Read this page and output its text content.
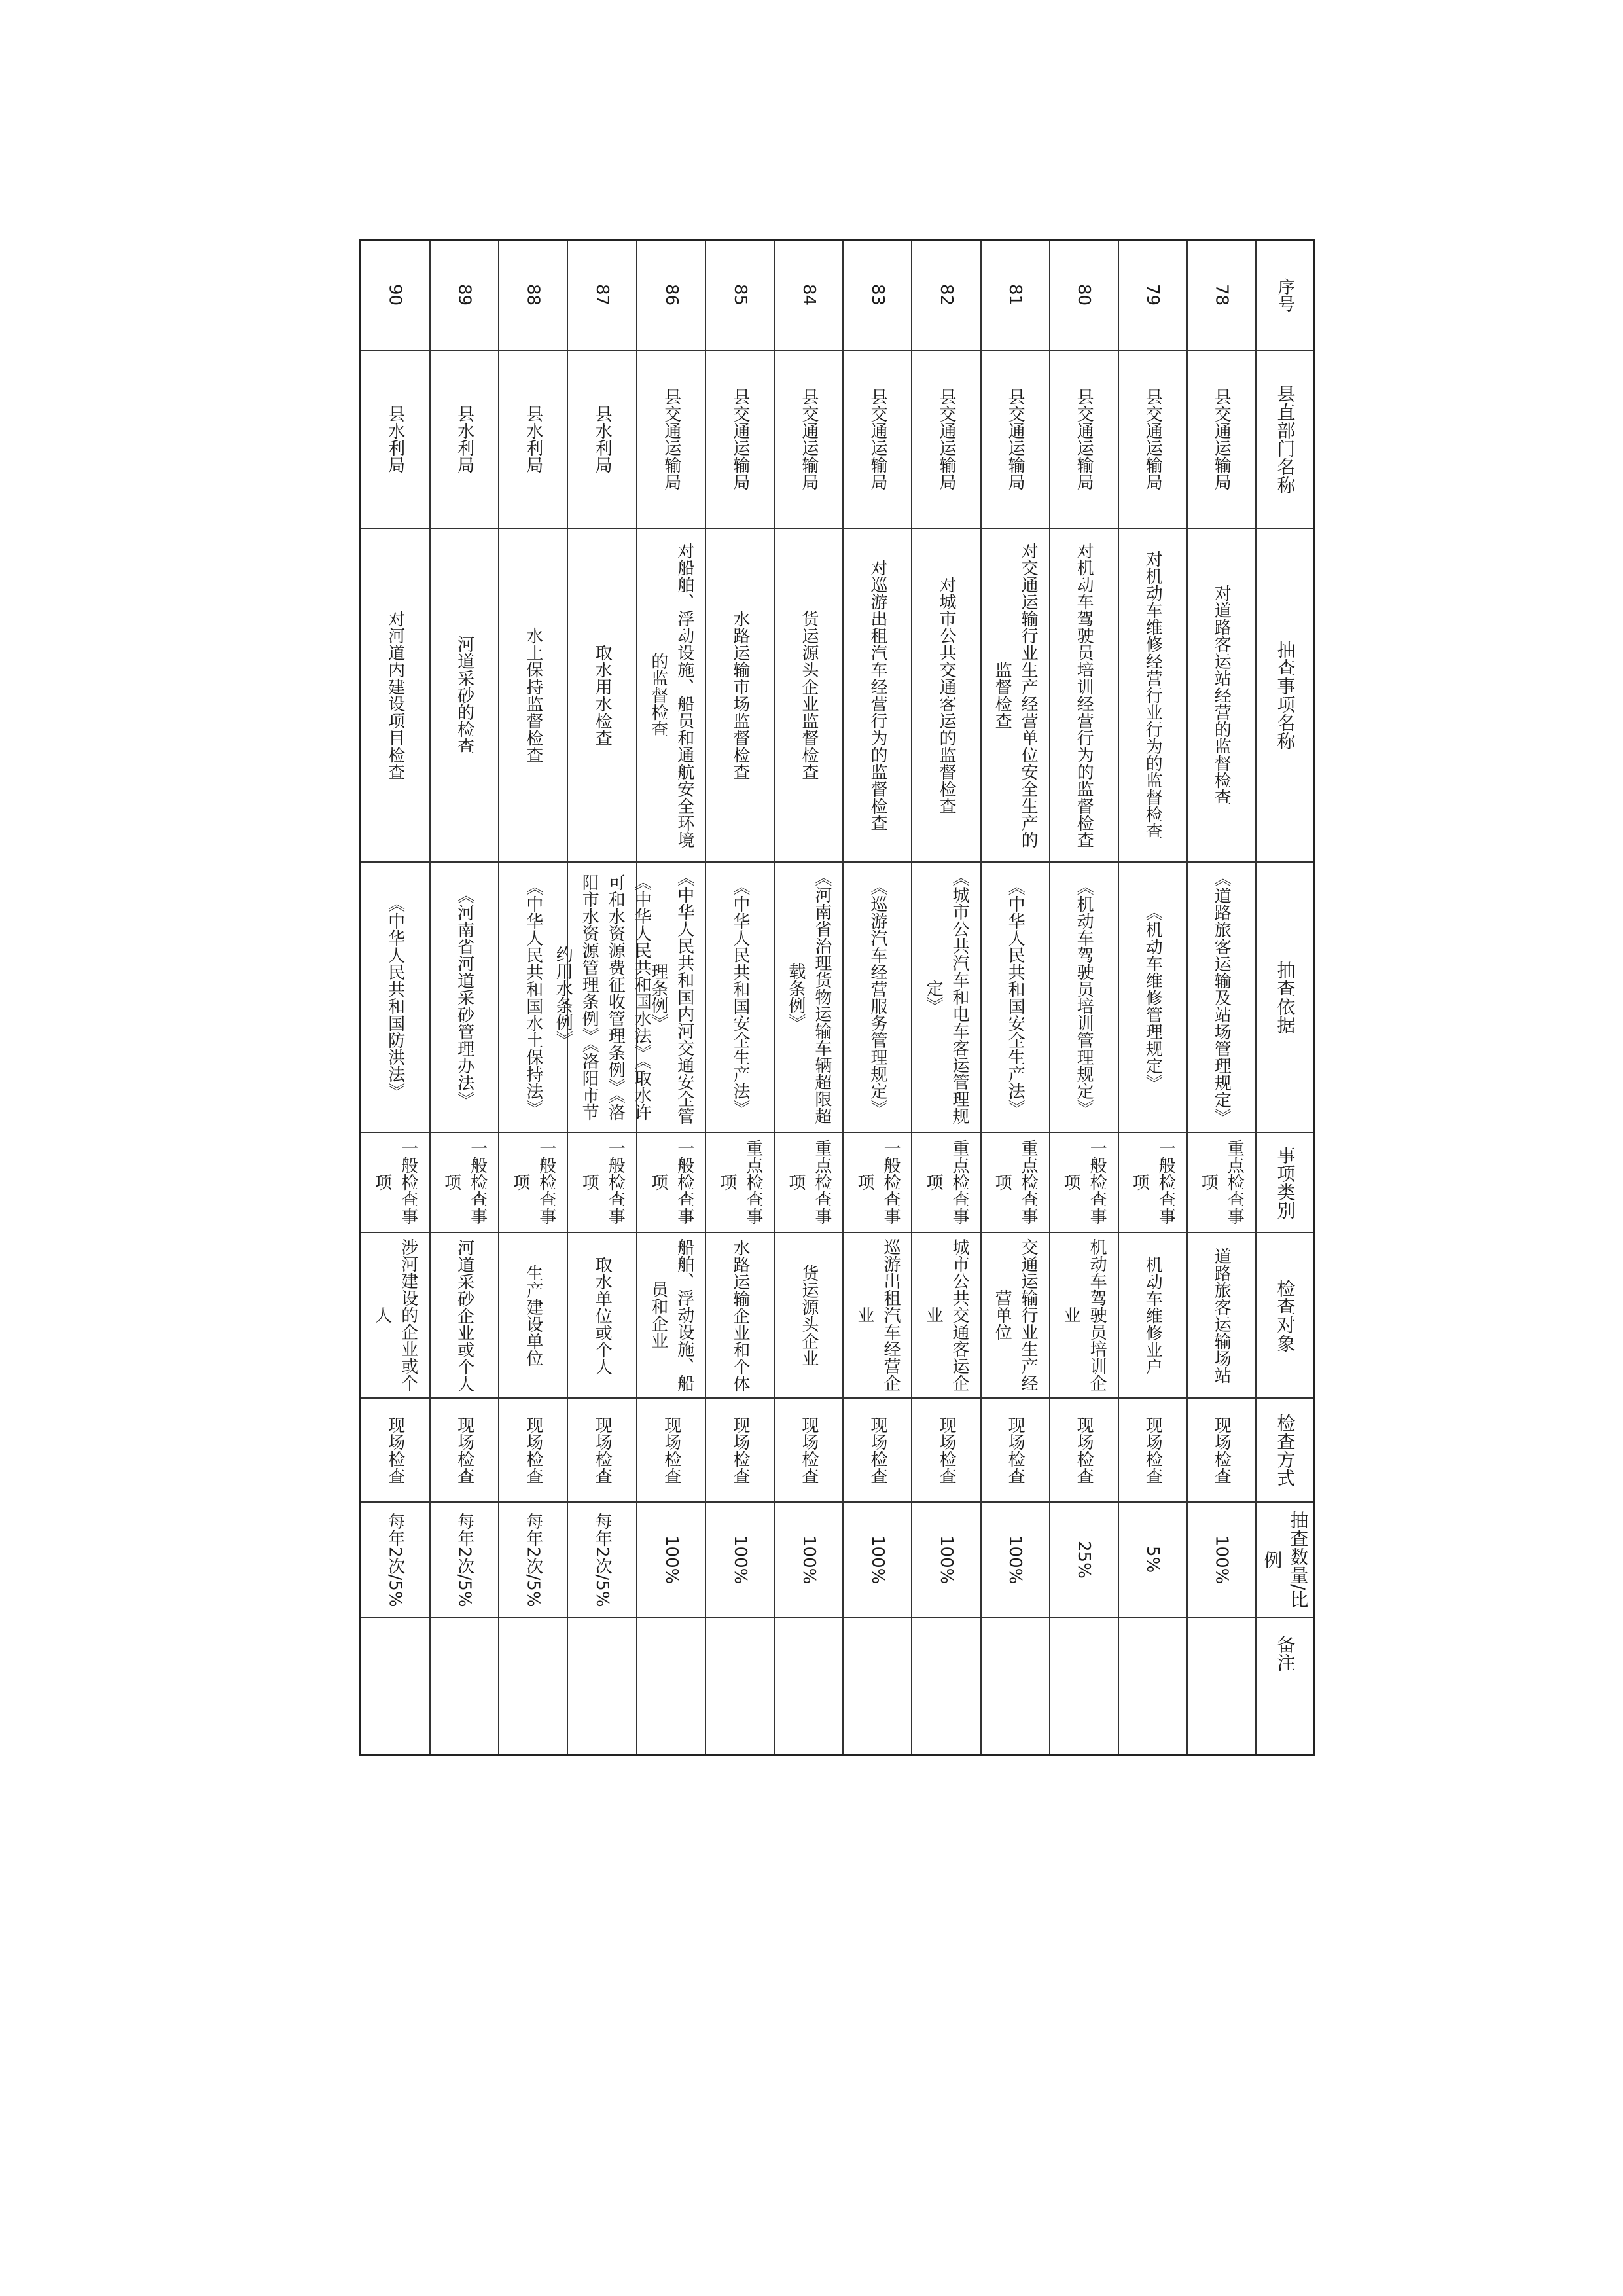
序号
县直部门名称
抽查事项名称
抽查依据
事项类别
检查对象
检查方式
抽查数量/比例
备注
78
县交通运输局
对道路客运站经营的监督检查
《道路旅客运输及站场管理规定》
重点检查事项
道路旅客运输场站
现场检查
100%
79
县交通运输局
对机动车维修经营行业行为的监督检查
《机动车维修管理规定》
一般检查事项
机动车维修业户
现场检查
5%
80
县交通运输局
对机动车驾驶员培训经营行为的监督检查
《机动车驾驶员培训管理规定》
一般检查事项
机动车驾驶员培训企业
现场检查
25%
81
县交通运输局
对交通运输行业生产经营单位安全生产的监督检查
《中华人民共和国安全生产法》
重点检查事项
交通运输行业生产经营单位
现场检查
100%
82
县交通运输局
对城市公共交通客运的监督检查
《城市公共汽车和电车客运管理规定》
重点检查事项
城市公共交通客运企业
现场检查
100%
83
县交通运输局
对巡游出租汽车经营行为的监督检查
《巡游汽车经营服务管理规定》
一般检查事项
巡游出租汽车经营企业
现场检查
100%
84
县交通运输局
货运源头企业监督检查
《河南省治理货物运输车辆超限超载条例》
重点检查事项
货运源头企业
现场检查
100%
85
县交通运输局
水路运输市场监督检查
《中华人民共和国安全生产法》
重点检查事项
水路运输企业和个体
现场检查
100%
86
县交通运输局
对船舶、浮动设施、船员和通航安全环境的监督检查
《中华人民共和国内河交通安全管理条例》
一般检查事项
船舶、浮动设施、船员和企业
现场检查
100%
87
县水利局
取水用水检查
《中华人民共和国水法》《取水许可和水资源费征收管理条例》《洛阳市水资源管理条例》《洛阳市节约用水条例》
一般检查事项
取水单位或个人
现场检查
每年2次/5%
88
县水利局
水土保持监督检查
《中华人民共和国水土保持法》
一般检查事项
生产建设单位
现场检查
每年2次/5%
89
县水利局
河道采砂的检查
《河南省河道采砂管理办法》
一般检查事项
河道采砂企业或个人
现场检查
每年2次/5%
90
县水利局
对河道内建设项目检查
《中华人民共和国防洪法》
一般检查事项
涉河建设的企业或个人
现场检查
每年2次/5%
